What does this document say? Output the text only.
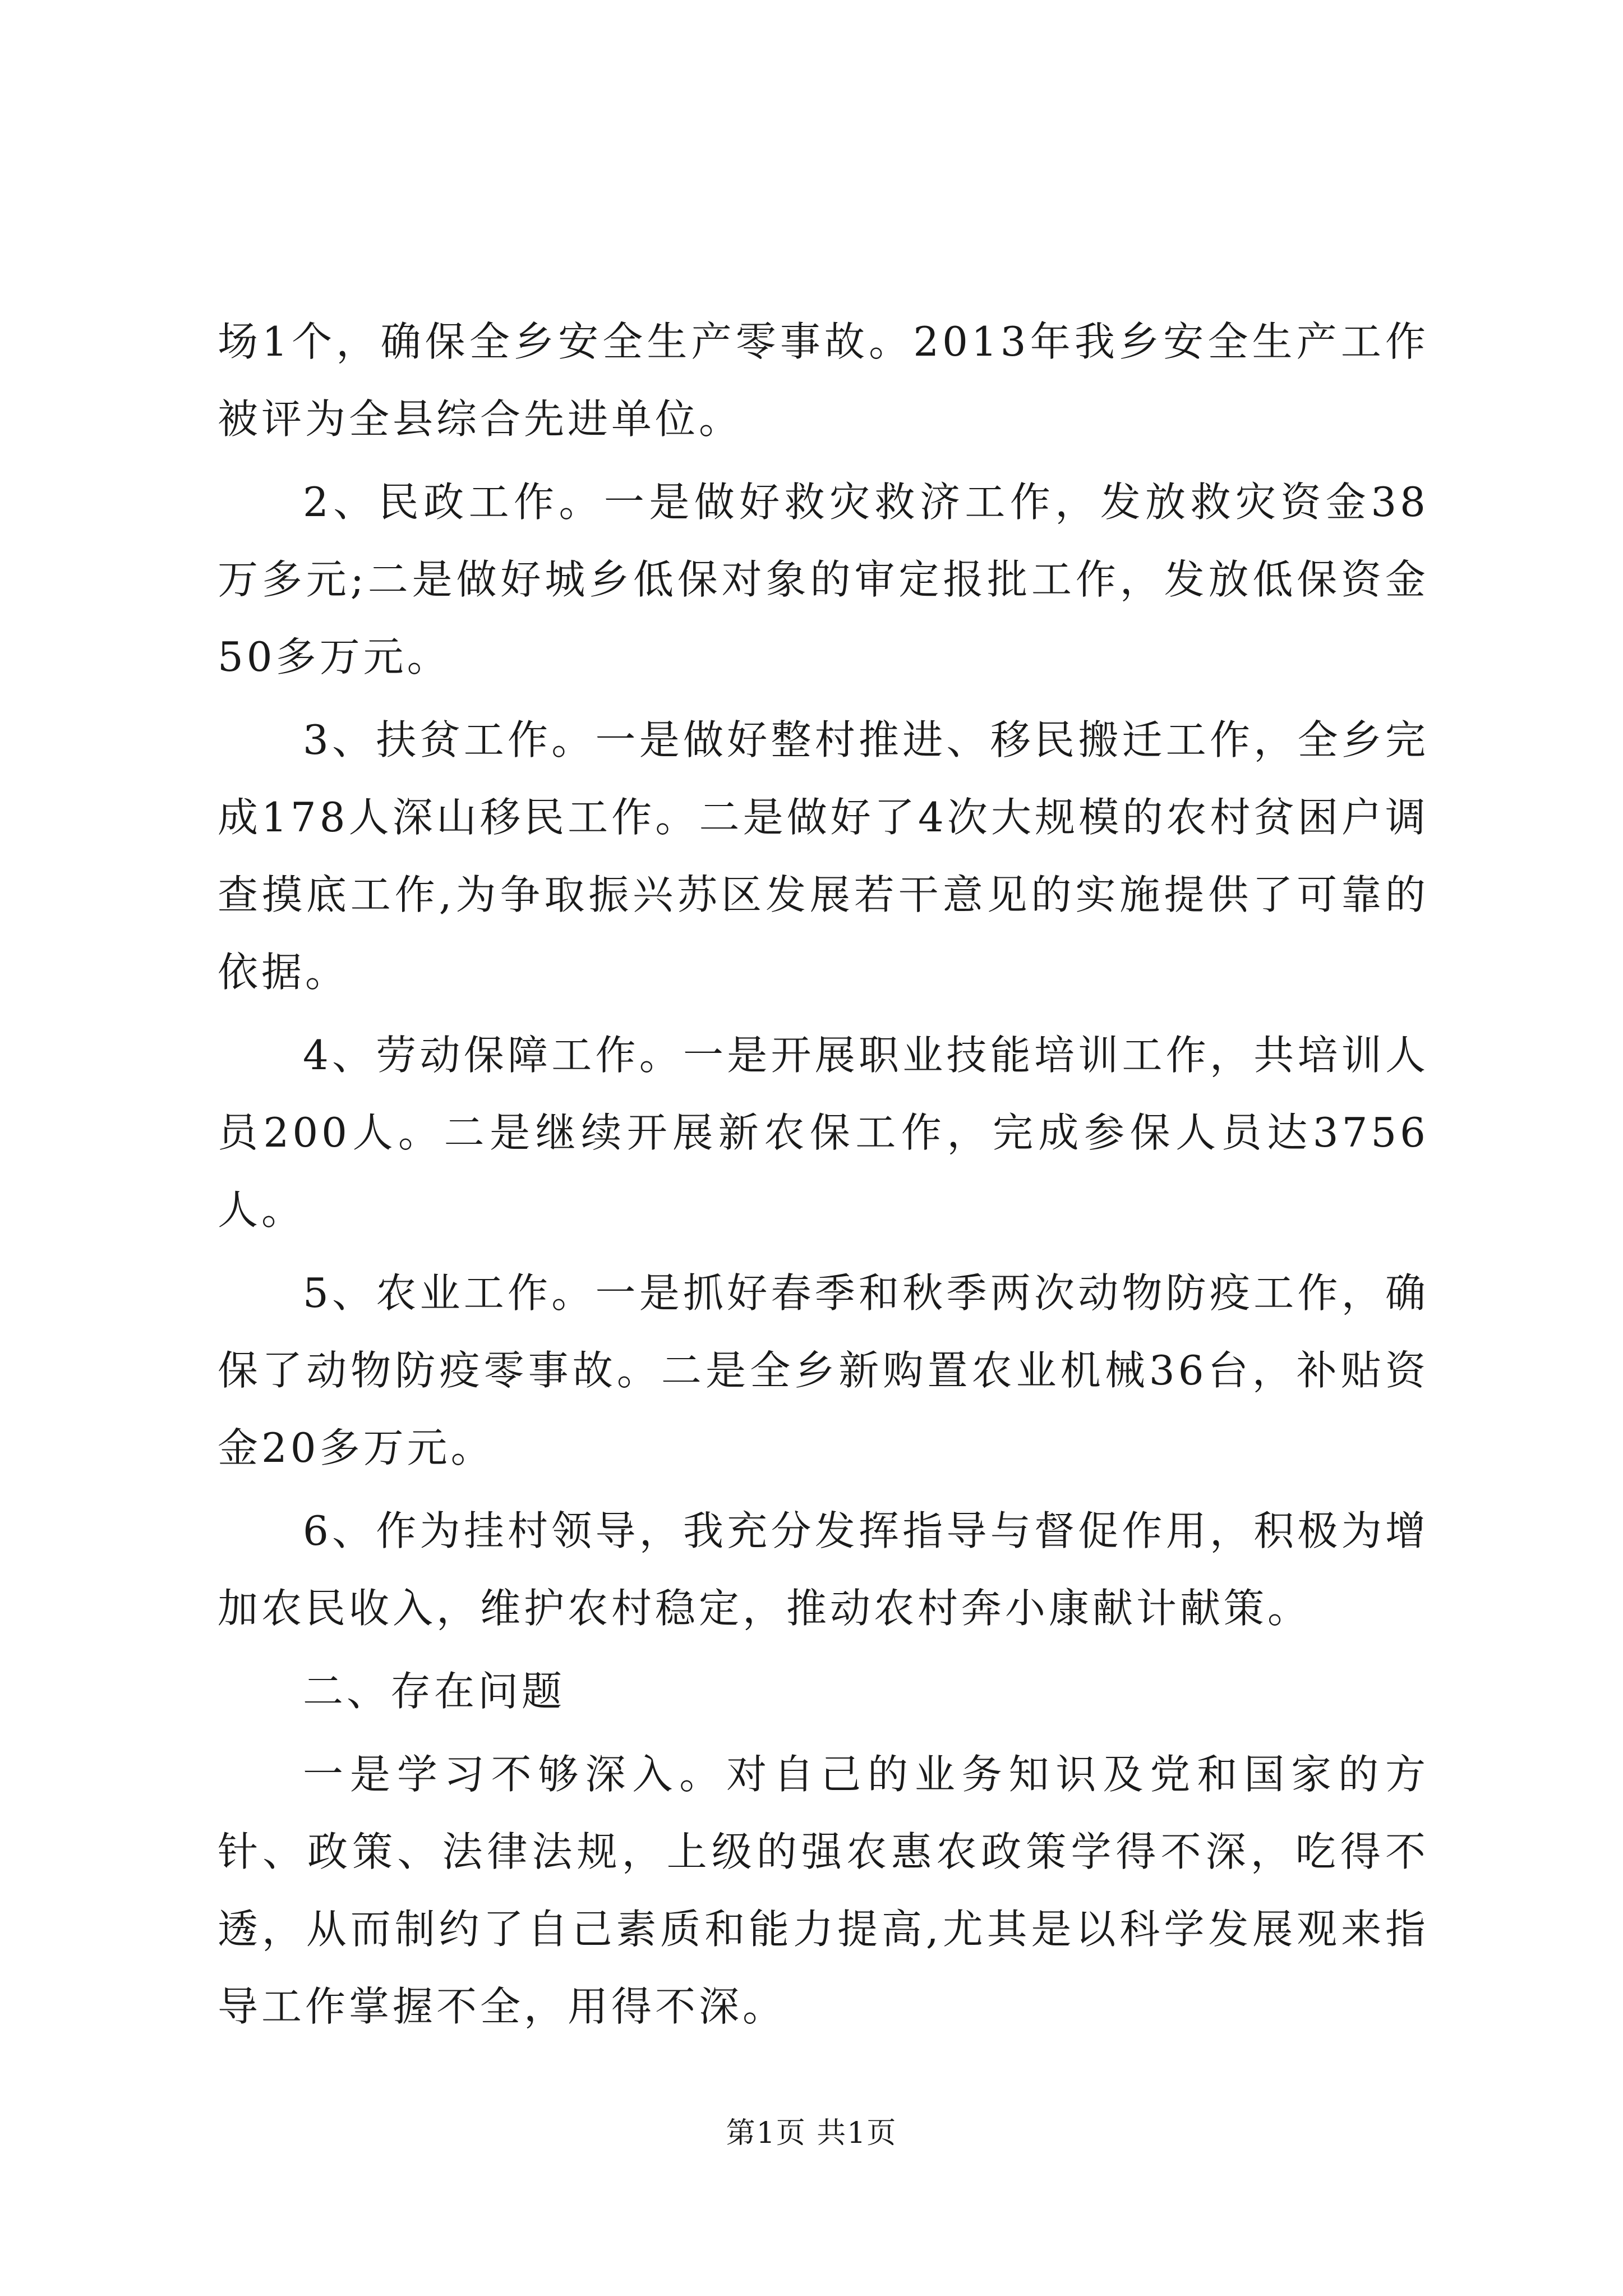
场1个，确保全乡安全生产零事故。2013年我乡安全生产工作被评为全县综合先进单位。

2、民政工作。一是做好救灾救济工作，发放救灾资金38万多元;二是做好城乡低保对象的审定报批工作，发放低保资金50多万元。

3、扶贫工作。一是做好整村推进、移民搬迁工作，全乡完成178人深山移民工作。二是做好了4次大规模的农村贫困户调查摸底工作,为争取振兴苏区发展若干意见的实施提供了可靠的依据。

4、劳动保障工作。一是开展职业技能培训工作，共培训人员200人。二是继续开展新农保工作，完成参保人员达3756人。

5、农业工作。一是抓好春季和秋季两次动物防疫工作，确保了动物防疫零事故。二是全乡新购置农业机械36台，补贴资金20多万元。

6、作为挂村领导，我充分发挥指导与督促作用，积极为增加农民收入，维护农村稳定，推动农村奔小康献计献策。

二、存在问题

一是学习不够深入。对自己的业务知识及党和国家的方针、政策、法律法规，上级的强农惠农政策学得不深，吃得不透，从而制约了自己素质和能力提高,尤其是以科学发展观来指导工作掌握不全，用得不深。

第1页 共1页
